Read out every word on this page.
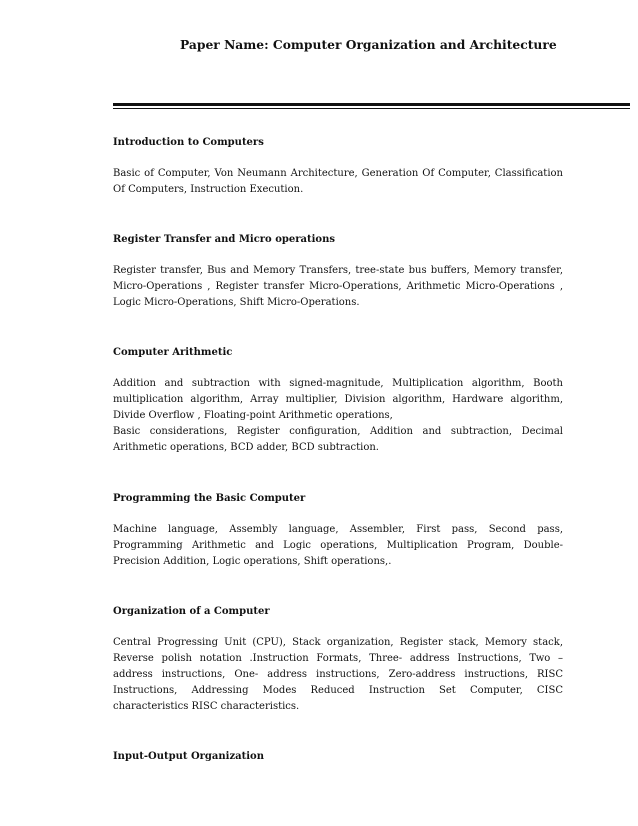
Paper Name: Computer Organization and Architecture
Introduction to Computers

Basic of Computer, Von Neumann Architecture, Generation Of Computer, Classification Of Computers, Instruction Execution.

Register Transfer and Micro operations

Register transfer, Bus and Memory Transfers, tree-state bus buffers, Memory transfer, Micro-Operations , Register transfer Micro-Operations, Arithmetic Micro-Operations , Logic Micro-Operations, Shift Micro-Operations.

Computer Arithmetic

Addition and subtraction with signed-magnitude, Multiplication algorithm, Booth multiplication algorithm, Array multiplier, Division algorithm, Hardware algorithm, Divide Overflow , Floating-point Arithmetic operations,

Basic considerations, Register configuration, Addition and subtraction, Decimal Arithmetic operations, BCD adder, BCD subtraction.

Programming the Basic Computer

Machine language, Assembly language, Assembler, First pass, Second pass, Programming Arithmetic and Logic operations, Multiplication Program, Double-Precision Addition, Logic operations, Shift operations,.

Organization of a Computer

Central Progressing Unit (CPU), Stack organization, Register stack, Memory stack, Reverse polish notation .Instruction Formats, Three- address Instructions, Two – address instructions, One- address instructions, Zero-address instructions, RISC Instructions, Addressing Modes Reduced Instruction Set Computer, CISC characteristics RISC characteristics.

Input-Output Organization
